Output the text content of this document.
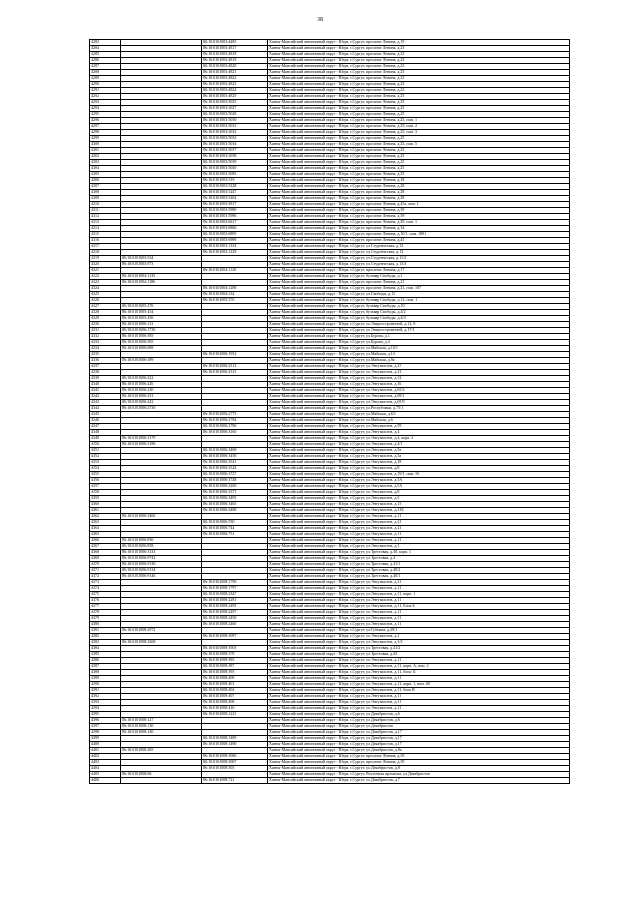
38
4283		86:10:0101003:4485	Ханты-Мансийский автономный округ - Югра, г.Сургут, проспект Ленина, д.19
4284		86:10:0101003:4817	Ханты-Мансийский автономный округ - Югра, г.Сургут, проспект Ленина, д.23
4285		86:10:0101003:4818	Ханты-Мансийский автономный округ - Югра, г.Сургут, проспект Ленина, д.23
4286		86:10:0101003:4819	Ханты-Мансийский автономный округ - Югра, г.Сургут, проспект Ленина, д.23
4287		86:10:0101003:4820	Ханты-Мансийский автономный округ - Югра, г.Сургут, проспект Ленина, д.23
4288		86:10:0101003:4821	Ханты-Мансийский автономный округ - Югра, г.Сургут, проспект Ленина, д.23
4289		86:10:0101003:4822	Ханты-Мансийский автономный округ - Югра, г.Сургут, проспект Ленина, д.23
4290		86:10:0101003:4823	Ханты-Мансийский автономный округ - Югра, г.Сургут, проспект Ленина, д.23
4291		86:10:0101003:4824	Ханты-Мансийский автономный округ - Югра, г.Сургут, проспект Ленина, д.23
4292		86:10:0101003:4825	Ханты-Мансийский автономный округ - Югра, г.Сургут, проспект Ленина, д.23
4293		86:10:0101003:5025	Ханты-Мансийский автономный округ - Югра, г.Сургут, проспект Ленина, д.25
4294		86:10:0101003:5027	Ханты-Мансийский автономный округ - Югра, г.Сургут, проспект Ленина, д.25
4295		86:10:0101003:5028	Ханты-Мансийский автономный округ - Югра, г.Сургут, проспект Ленина, д.25
4296		86:10:0101003:5030	Ханты-Мансийский автономный округ - Югра, г.Сургут, проспект Ленина, д.25, пом. 1
4297		86:10:0101003:5031	Ханты-Мансийский автономный округ - Югра, г.Сургут, проспект Ленина, д.25, пом. 2
4298		86:10:0101003:5032	Ханты-Мансийский автономный округ - Югра, г.Сургут, проспект Ленина, д.25, пом. 3
4299		86:10:0101003:5033	Ханты-Мансийский автономный округ - Югра, г.Сургут, проспект Ленина, д.25
4300		86:10:0101003:5034	Ханты-Мансийский автономный округ - Югра, г.Сургут, проспект Ленина, д.25, пом. 5
4301		86:10:0101003:5037	Ханты-Мансийский автономный округ - Югра, г.Сургут, проспект Ленина, д.25
4302		86:10:0101003:5038	Ханты-Мансийский автономный округ - Югра, г.Сургут, проспект Ленина, д.25
4303		86:10:0101003:5039	Ханты-Мансийский автономный округ - Югра, г.Сургут, проспект Ленина, д.25
4304		86:10:0101003:5040	Ханты-Мансийский автономный округ - Югра, г.Сургут, проспект Ленина, д.25
4305		86:10:0101003:5085	Ханты-Мансийский автономный округ - Югра, г.Сургут, проспект Ленина, д.25
4306		86:10:0101003:519	Ханты-Мансийский автономный округ - Югра, г.Сургут, проспект Ленина, д.18
4307		86:10:0101003:5228	Ханты-Мансийский автономный округ - Югра, г.Сургут, проспект Ленина, д.28
4308		86:10:0101003:5247	Ханты-Мансийский автономный округ - Югра, г.Сургут, проспект Ленина, д.28
4309		86:10:0101003:5262	Ханты-Мансийский автономный округ - Югра, г.Сургут, проспект Ленина, д.28
4310		86:10:0101003:5817	Ханты-Мансийский автономный округ - Югра, г.Сургут, проспект Ленина, д.45а, пом. 1
4311		86:10:0101003:5980	Ханты-Мансийский автономный округ - Югра, г.Сургут, проспект Ленина, д.39
4312		86:10:0101003:5986	Ханты-Мансийский автономный округ - Югра, г.Сургут, проспект Ленина, д.39
4313		86:10:0101003:6617	Ханты-Мансийский автономный округ - Югра, г.Сургут, проспект Ленина, д.49, пом. 1
4314		86:10:0101003:6866	Ханты-Мансийский автономный округ - Югра, г.Сургут, проспект Ленина, д.34
4315		86:10:0101003:6895	Ханты-Мансийский автономный округ - Югра, г.Сургут, проспект Ленина, д.10/1, пом. 1001
4316		86:10:0101003:6989	Ханты-Мансийский автономный округ - Югра, г.Сургут, проспект Ленина, д.45
4317		86:10:0101003:1334	Ханты-Мансийский автономный округ - Югра, г.Сургут, ул.Студенческая, д.13
4318		86:10:0101003:1229	Ханты-Мансийский автономный округ - Югра, г.Сургут, ул.Студенческая, д.13
4319	86:10:0101003:534		Ханты-Мансийский автономный округ - Югра, г.Сургут, ул.Студенческая, д.11/2
4320	86:10:0101003:973		Ханты-Мансийский автономный округ - Югра, г.Сургут, ул.Студенческая, д.13/3
4321		86:10:0101004:1120	Ханты-Мансийский автономный округ - Югра, г.Сургут, проспект Ленина, д.17
4322	86:10:0101004:1135		Ханты-Мансийский автономный округ - Югра, г.Сургут, бульвар Свободы, д.1
4323	86:10:0101004:1186		Ханты-Мансийский автономный округ - Югра, г.Сургут, проспект Ленина, д.21
4324		86:10:0101004:1288	Ханты-Мансийский автономный округ - Югра, г.Сургут, проспект Ленина, д.21, пом. 107
4325		86:10:0101004:234	Ханты-Мансийский автономный округ - Югра, г.Сургут, ул.Свободы, д.11
4326		86:10:0101005:370	Ханты-Мансийский автономный округ - Югра, г.Сургут, бульвар Свободы, д.12, пом. 1
4327	86:10:0101005:276		Ханты-Мансийский автономный округ - Югра, г.Сургут, бульвар Свободы, д.10
4328	86:10:0101005:454		Ханты-Мансийский автономный округ - Югра, г.Сургут, бульвар Свободы, д.4/2
4329	86:10:0101005:456		Ханты-Мансийский автономный округ - Югра, г.Сургут, бульвар Свободы, д.4/3
4330	86:10:0101006:113		Ханты-Мансийский автономный округ - Югра, г.Сургут, ул.Энергостроителей, д.12, 8
4331	86:10:0101006:1730		Ханты-Мансийский автономный округ - Югра, г.Сургут, ул.Энергостроителей, д.17/1
4332	86:10:0101006:585		Ханты-Мансийский автономный округ - Югра, г.Сургут, ул.Бурова, д.1
4333	86:10:0101006:585		Ханты-Мансийский автономный округ - Югра, г.Сургут, ул.Бурова, д.3
4334	86:10:0101006:688		Ханты-Мансийский автономный округ - Югра, г.Сургут, ул.Майская, д.10/1
4335		86:10:0101006:1952	Ханты-Мансийский автономный округ - Югра, г.Сургут, ул.Майская, д.14
4336	86:10:0101006:189		Ханты-Мансийский автономный округ - Югра, г.Сургут, ул.Майская, д.9а
4337		86:10:0101006:2312	Ханты-Мансийский автономный округ - Югра, г.Сургут, ул.Энтузиастов, д.27
4338		86:10:0101006:2315	Ханты-Мансийский автономный округ - Югра, г.Сургут, ул.Энтузиастов, д.31
4339	86:10:0101006:222		Ханты-Мансийский автономный округ - Югра, г.Сургут, ул.Энтузиастов, д.12
4340	86:10:0101006:226		Ханты-Мансийский автономный округ - Югра, г.Сургут, ул.Энтузиастов, д.16
4341	86:10:0101006:230		Ханты-Мансийский автономный округ - Югра, г.Сургут, ул.Энтузиастов, д.65/2
4342	86:10:0101006:231		Ханты-Мансийский автономный округ - Югра, г.Сургут, ул.Энтузиастов, д.69/1
4343	86:10:0101006:242		Ханты-Мансийский автономный округ - Югра, г.Сургут, ул.Энтузиастов, д.65/9
4344	86:10:0101006:2730		Ханты-Мансийский автономный округ - Югра, г.Сургут, ул.Республики, д.75/1
4345		86:10:0101006:2773	Ханты-Мансийский автономный округ - Югра, г.Сургут, ул.Майская, д.6/1
4346		86:10:0101006:2784	Ханты-Мансийский автономный округ - Югра, г.Сургут, ул.Майская, д.6
4347		86:10:0101006:2786	Ханты-Мансийский автономный округ - Югра, г.Сургут, ул.Энтузиастов, д.59
4348		86:10:0101006:3160	Ханты-Мансийский автономный округ - Югра, г.Сургут, ул.Энтузиастов, д.4
4349	86:10:0101006:3179		Ханты-Мансийский автономный округ - Югра, г.Сургут, ул.Энтузиастов, д.4, корп. 2
4350	86:10:0101006:3186		Ханты-Мансийский автономный округ - Югра, г.Сургут, ул.Энтузиастов, д.4/1
4351		86:10:0101006:3468	Ханты-Мансийский автономный округ - Югра, г.Сургут, ул.Энтузиастов, д.5а
4352		86:10:0101006:3456	Ханты-Мансийский автономный округ - Югра, г.Сургут, ул.Энтузиастов, д.5а
4353		86:10:0101006:3541	Ханты-Мансийский автономный округ - Югра, г.Сургут, ул.Энтузиастов, д.18
4354		86:10:0101006:3524	Ханты-Мансийский автономный округ - Югра, г.Сургут, ул.Энтузиастов, д.8
4355		86:10:0101006:3727	Ханты-Мансийский автономный округ - Югра, г.Сургут, ул.Энтузиастов, д.19/1, пом. 16
4356		86:10:0101006:3748	Ханты-Мансийский автономный округ - Югра, г.Сургут, ул.Энтузиастов, д.5А
4357		86:10:0101006:3260	Ханты-Мансийский автономный округ - Югра, г.Сургут, ул.Энтузиастов, д.5А
4358		86:10:0101006:3371	Ханты-Мансийский автономный округ - Югра, г.Сургут, ул.Энтузиастов, д.8
4359		86:10:0101006:3495	Ханты-Мансийский автономный округ - Югра, г.Сургут, ул.Энтузиастов, д.5
4360		86:10:0101006:3465	Ханты-Мансийский автономный округ - Югра, г.Сургут, ул.Энтузиастов, д.15
4361		86:10:0101006:3488	Ханты-Мансийский автономный округ - Югра, г.Сургут, ул.Энтузиастов, д.21Б
4362	86:10:0101006:3460		Ханты-Мансийский автономный округ - Югра, г.Сургут, ул.Энтузиастов, д.11
4363		86:10:0101006:550	Ханты-Мансийский автономный округ - Югра, г.Сургут, ул.Энтузиастов, д.21
4364		86:10:0101006:744	Ханты-Мансийский автономный округ - Югра, г.Сургут, ул.Энтузиастов, д.21
4365		86:10:0101006:751	Ханты-Мансийский автономный округ - Югра, г.Сургут, ул.Энтузиастов, д.11
4366	86:10:0101006:836		Ханты-Мансийский автономный округ - Югра, г.Сургут, ул.Энтузиастов, д.11
4367	86:10:0101006:858		Ханты-Мансийский автономный округ - Югра, г.Сургут, ул.Энтузиастов, д.1
4368	86:10:0101006:3133		Ханты-Мансийский автономный округ - Югра, г.Сургут, ул.Трестовая, д.30, корп. 1
4369	86:10:0101006:9742		Ханты-Мансийский автономный округ - Югра, г.Сургут, ул.Трестовая, д.4
4370	86:10:0101006:9130		Ханты-Мансийский автономный округ - Югра, г.Сургут, ул.Трестовая, д.41/1
4371	86:10:0101006:9134		Ханты-Мансийский автономный округ - Югра, г.Сургут, ул.Трестовая, д.40/2
4372	86:10:0101006:9146		Ханты-Мансийский автономный округ - Югра, г.Сургут, ул.Трестовая, д.40/1
4373		86:10:0101008:1790	Ханты-Мансийский автономный округ - Югра, г.Сургут, ул.Энтузиастов, д.11
4374		86:10:0101008:1797	Ханты-Мансийский автономный округ - Югра, г.Сургут, ул.Энтузиастов, д.11
4375		86:10:0101008:2347	Ханты-Мансийский автономный округ - Югра, г.Сургут, ул.Энтузиастов, д.11, корп. 1
4376		86:10:0101008:2281	Ханты-Мансийский автономный округ - Югра, г.Сургут, ул.Энтузиастов, д.11
4377		86:10:0101008:2495	Ханты-Мансийский автономный округ - Югра, г.Сургут, ул.Энтузиастов, д.11, Блок Б
4378		86:10:0101008:2497	Ханты-Мансийский автономный округ - Югра, г.Сургут, ул.Энтузиастов, д.11
4379		86:10:0101008:2450	Ханты-Мансийский автономный округ - Югра, г.Сургут, ул.Энтузиастов, д.11
4380		86:10:0101008:2460	Ханты-Мансийский автономный округ - Югра, г.Сургут, ул.Энтузиастов, д.11
4381	86:10:0101008:2972		Ханты-Мансийский автономный округ - Югра, г.Сургут, ул.Губкина, д.29/1
4382		86:10:0101008:3087	Ханты-Мансийский автономный округ - Югра, г.Сургут, ул.Энтузиастов, д.1
4383	86:10:0101008:3268		Ханты-Мансийский автономный округ - Югра, г.Сургут, ул.Энтузиастов, д.1/2
4384		86:10:0101008:3503	Ханты-Мансийский автономный округ - Югра, г.Сургут, ул.Трестовая, д.41/2
4385		86:10:0101008:378	Ханты-Мансийский автономный округ - Югра, г.Сургут, ул.Трестовая, д.43
4386		86:10:0101008:385	Ханты-Мансийский автономный округ - Югра, г.Сургут, ул.Энтузиастов, д.11
4387		86:10:0101008:387	Ханты-Мансийский автономный округ - Югра, г.Сургут, ул.Энтузиастов, д.11, корп. А, пом. 2
4388		86:10:0101008:395	Ханты-Мансийский автономный округ - Югра, г.Сургут, ул.Энтузиастов, д.11, блок 11
4389		86:10:0101008:400	Ханты-Мансийский автономный округ - Югра, г.Сургут, ул.Энтузиастов, д.11
4390		86:10:0101008:401	Ханты-Мансийский автономный округ - Югра, г.Сургут, ул.Энтузиастов, д.11, корп. 1, пом. 48
4391		86:10:0101008:404	Ханты-Мансийский автономный округ - Югра, г.Сургут, ул.Энтузиастов, д.11, блок В
4392		86:10:0101008:407	Ханты-Мансийский автономный округ - Югра, г.Сургут, ул.Энтузиастов, д.11
4393		86:10:0101008:408	Ханты-Мансийский автономный округ - Югра, г.Сургут, ул.Энтузиастов, д.11
4394		86:10:0101008:416	Ханты-Мансийский автономный округ - Югра, г.Сургут, ул.Энтузиастов, д.11
4395		86:10:0101008:1221	Ханты-Мансийский автономный округ - Югра, г.Сургут, ул.Декабристов, д.6
4396	86:10:0101008:127		Ханты-Мансийский автономный округ - Югра, г.Сургут, ул.Декабристов, д.6
4397	86:10:0101008:130		Ханты-Мансийский автономный округ - Югра, г.Сургут, ул.Декабристов
4398	86:10:0101008:140		Ханты-Мансийский автономный округ - Югра, г.Сургут, ул.Декабристов, д.17
4399		86:10:0101008:1489	Ханты-Мансийский автономный округ - Югра, г.Сургут, ул.Декабристов, д.17
4400		86:10:0101008:1490	Ханты-Мансийский автономный округ - Югра, г.Сургут, ул.Декабристов, д.17
4401	86:10:0101008:285		Ханты-Мансийский автономный округ - Югра, г.Сургут, ул.Декабристов, д.8а
4402		86:10:0101008:3066	Ханты-Мансийский автономный округ - Югра, г.Сургут, проспект Ленина, д.39
4403		86:10:0101008:3067	Ханты-Мансийский автономный округ - Югра, г.Сургут, проспект Ленина, д.39
4404		86:10:0101008:505	Ханты-Мансийский автономный округ - Югра, г.Сургут, ул.Декабристов, д.8
4405	86:10:0101008:66		Ханты-Мансийский автономный округ - Югра, г.Сургут, Восточная промзона, ул.Декабристов
4406		86:10:0101008:721	Ханты-Мансийский автономный округ - Югра, г.Сургут, ул.Декабристов, д.7
